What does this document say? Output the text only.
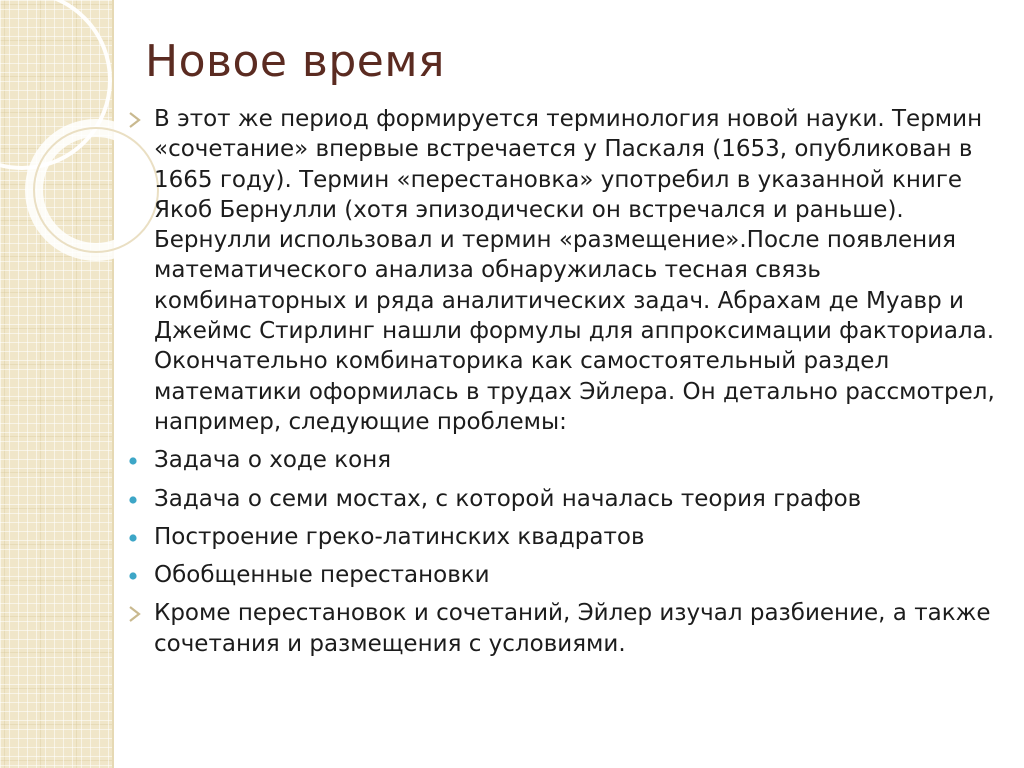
Новое время
В этот же период формируется терминология новой науки. Термин «сочетание» впервые встречается у Паскаля (1653, опубликован в 1665 году). Термин «перестановка» употребил в указанной книге Якоб Бернулли (хотя эпизодически он встречался и раньше). Бернулли использовал и термин «размещение».После появления математического анализа обнаружилась тесная связь комбинаторных и ряда аналитических задач. Абрахам де Муавр и Джеймс Стирлинг нашли формулы для аппроксимации факториала. Окончательно комбинаторика как самостоятельный раздел математики оформилась в трудах Эйлера. Он детально рассмотрел, например, следующие проблемы:
Задача о ходе коня
Задача о семи мостах, с которой началась теория графов
Построение греко-латинских квадратов
Обобщенные перестановки
Кроме перестановок и сочетаний, Эйлер изучал разбиение, а также сочетания и размещения с условиями.
